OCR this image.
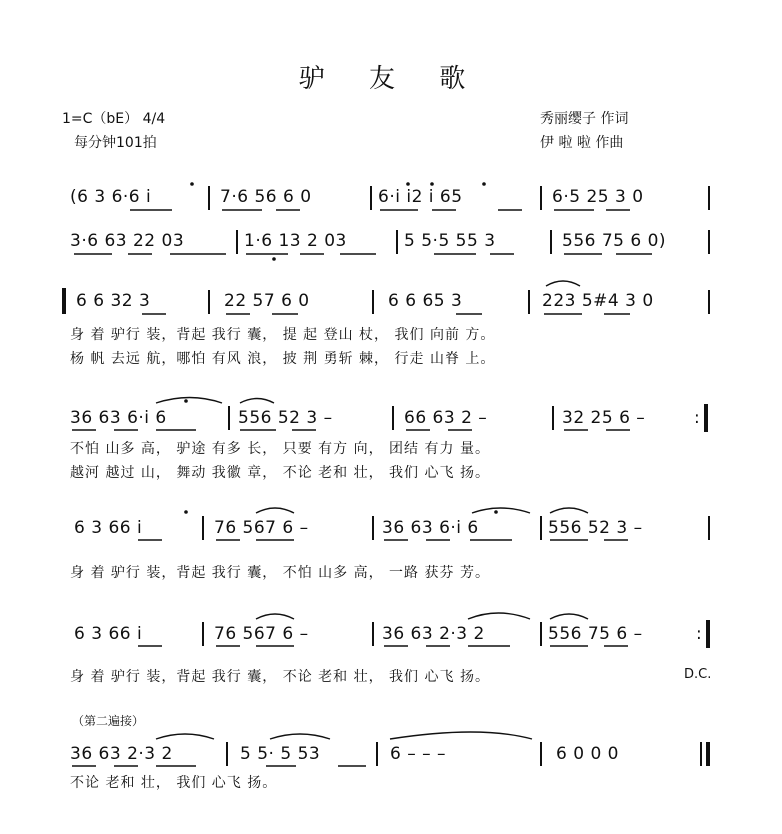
驴 友 歌
1=C（bE） 4/4
每分钟101拍
秀丽缨子 作词
伊 啦 啦 作曲
(6 3 6·6 i	7·6 56 6 0	6·i i2 i 65	6·5 25 3 0
3·6 63 22 03	1·6 13 2 03	5 5·5 55 3	556 75 6 0)
6 6 32 3	22 57 6 0	6 6 65 3	223 5#4 3 0
身 着 驴行 装，背起 我行 囊， 提 起 登山 杖， 我们 向前 方。
杨 帆 去远 航，哪怕 有风 浪， 披 荆 勇斩 棘， 行走 山脊 上。
36 63 6·i 6	556 52 3 –	66 63 2 –	32 25 6 –	:
不怕 山多 高， 驴途 有多 长， 只要 有方 向， 团结 有力 量。
越河 越过 山， 舞动 我徽 章， 不论 老和 壮， 我们 心飞 扬。
6 3 66 i	76 567 6 –	36 63 6·i 6	556 52 3 –
身 着 驴行 装，背起 我行 囊， 不怕 山多 高， 一路 获芬 芳。
6 3 66 i	76 567 6 –	36 63 2·3 2	556 75 6 –	:
身 着 驴行 装，背起 我行 囊， 不论 老和 壮， 我们 心飞 扬。	D.C.
（第二遍接）
36 63 2·3 2	5 5· 5 53	6 – – –	6 0 0 0
不论 老和 壮， 我们 心飞 扬。
